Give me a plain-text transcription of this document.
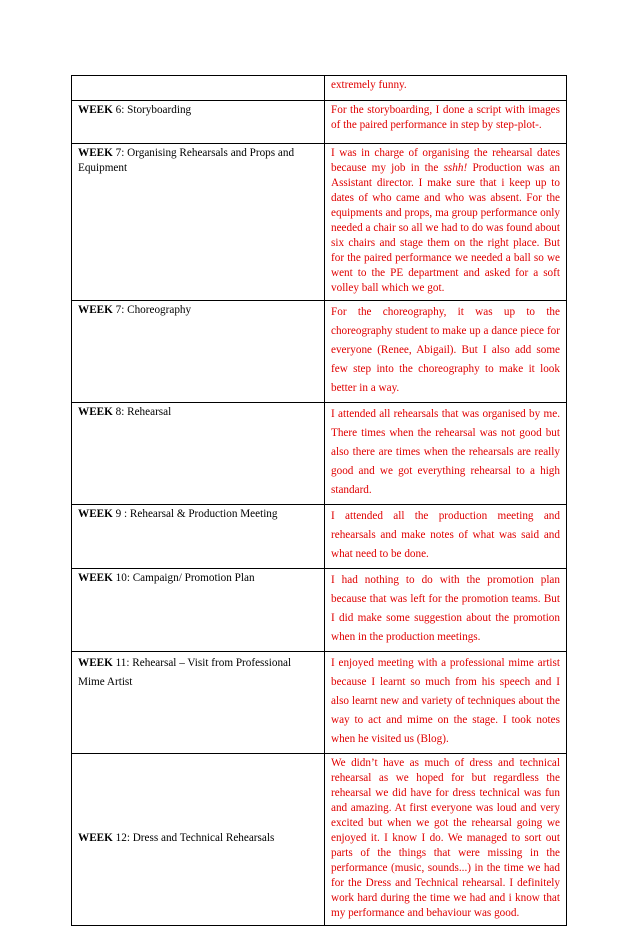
	extremely funny.
WEEK 6: Storyboarding	For the storyboarding, I done a script with images of the paired performance in step by step-plot-.
WEEK 7: Organising Rehearsals and Props and Equipment	I was in charge of organising the rehearsal dates because my job in the sshh! Production was an Assistant director. I make sure that i keep up to dates of who came and who was absent. For the equipments and props, ma group performance only needed a chair so all we had to do was found about six chairs and stage them on the right place. But for the paired performance we needed a ball so we went to the PE department and asked for a soft volley ball which we got.
WEEK 7: Choreography	For the choreography, it was up to the choreography student to make up a dance piece for everyone (Renee, Abigail). But I also add some few step into the choreography to make it look better in a way.
WEEK 8: Rehearsal	I attended all rehearsals that was organised by me. There times when the rehearsal was not good but also there are times when the rehearsals are really good and we got everything rehearsal to a high standard.
WEEK 9 : Rehearsal & Production Meeting	I attended all the production meeting and rehearsals and make notes of what was said and what need to be done.
WEEK 10: Campaign/ Promotion Plan	I had nothing to do with the promotion plan because that was left for the promotion teams. But I did make some suggestion about the promotion when in the production meetings.
WEEK 11: Rehearsal – Visit from Professional Mime Artist	I enjoyed meeting with a professional mime artist because I learnt so much from his speech and I also learnt new and variety of techniques about the way to act and mime on the stage. I took notes when he visited us (Blog).
WEEK 12: Dress and Technical Rehearsals	We didn’t have as much of dress and technical rehearsal as we hoped for but regardless the rehearsal we did have for dress technical was fun and amazing. At first everyone was loud and very excited but when we got the rehearsal going we enjoyed it. I know I do. We managed to sort out parts of the things that were missing in the performance (music, sounds...) in the time we had for the Dress and Technical rehearsal. I definitely work hard during the time we had and i know that my performance and behaviour was good.
